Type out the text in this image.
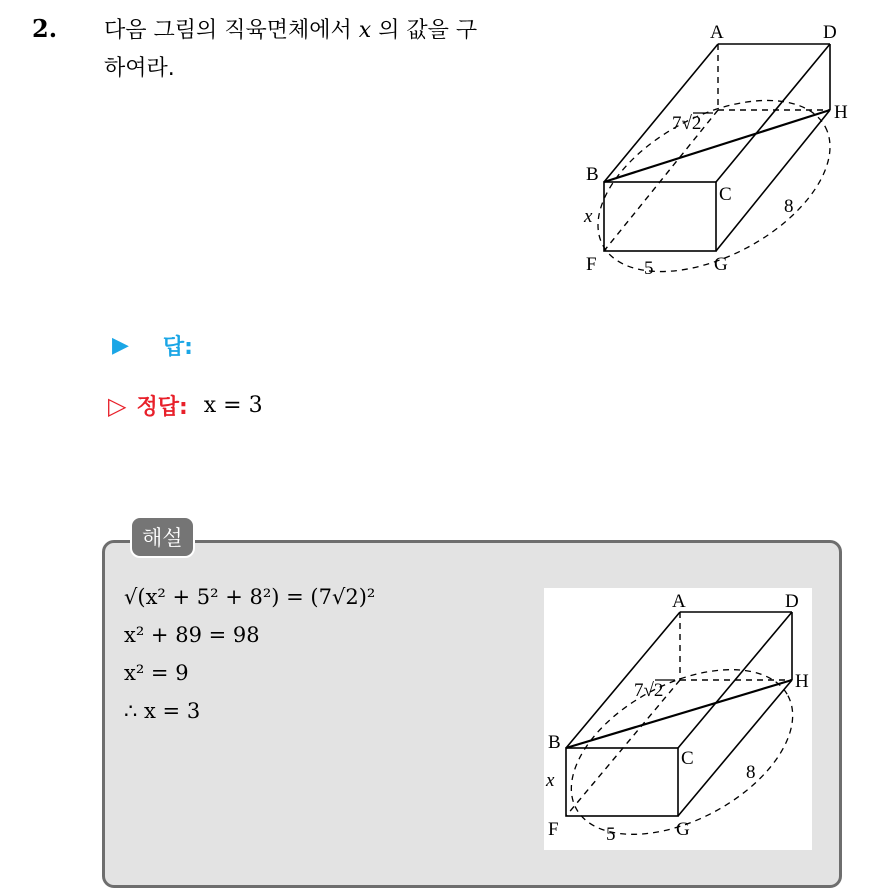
2. 다음 그림의 직육면체에서 x 의 값을 구
하여라.
A	D
H
B
C
F	G
7√2
x
5
8
▶ 답:
▷ 정답: x = 3
해설
√(x² + 5² + 8²) = (7√2)²
x² + 89 = 98
x² = 9
∴ x = 3
A	D
H
B
C
F	G
7√2
x
5
8
